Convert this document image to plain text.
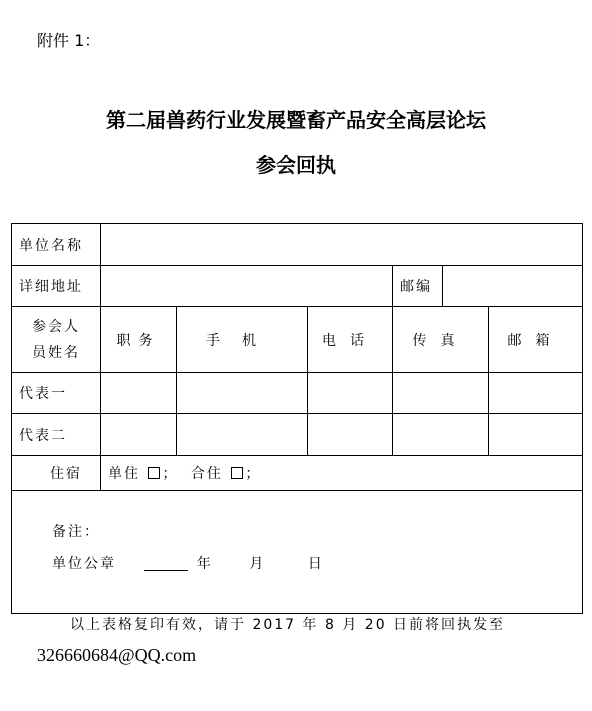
附件 1：
第二届兽药行业发展暨畜产品安全高层论坛
参会回执
单位名称						
详细地址				邮编		

参会人
员姓名	职务	手机	电话	传真		邮箱
代表一						
代表二						
住宿	单住 ； 合住 ；					

备注：
单位公章 年 月 日						
以上表格复印有效，请于 2017 年 8 月 20 日前将回执发至
326660684@QQ.com
